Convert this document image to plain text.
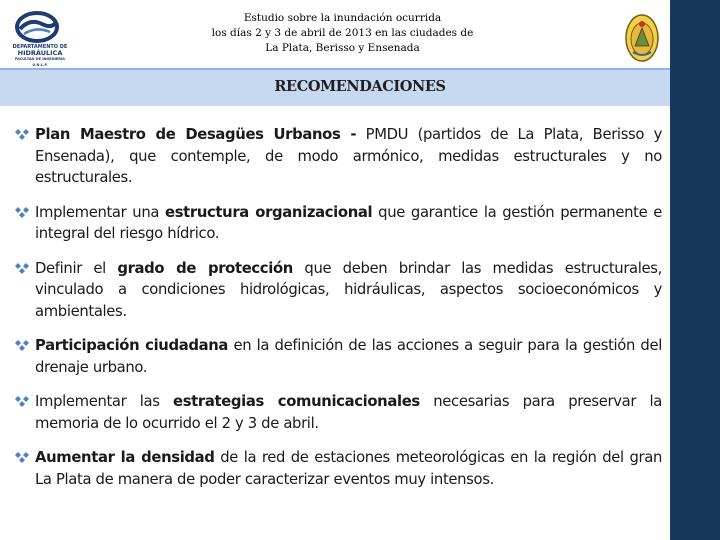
DEPARTAMENTO DE
HIDRÁULICA
FACULTAD DE INGENIERÍA U.N.L.P.
Estudio sobre la inundación ocurrida
los días 2 y 3 de abril de 2013 en las ciudades de
La Plata, Berisso y Ensenada
RECOMENDACIONES
Plan Maestro de Desagües Urbanos - PMDU (partidos de La Plata, Berisso y Ensenada), que contemple, de modo armónico, medidas estructurales y no estructurales.
Implementar una estructura organizacional que garantice la gestión permanente e integral del riesgo hídrico.
Definir el grado de protección que deben brindar las medidas estructurales, vinculado a condiciones hidrológicas, hidráulicas, aspectos socioeconómicos y ambientales.
Participación ciudadana en la definición de las acciones a seguir para la gestión del drenaje urbano.
Implementar las estrategias comunicacionales necesarias para preservar la memoria de lo ocurrido el 2 y 3 de abril.
Aumentar la densidad de la red de estaciones meteorológicas en la región del gran La Plata de manera de poder caracterizar eventos muy intensos.
